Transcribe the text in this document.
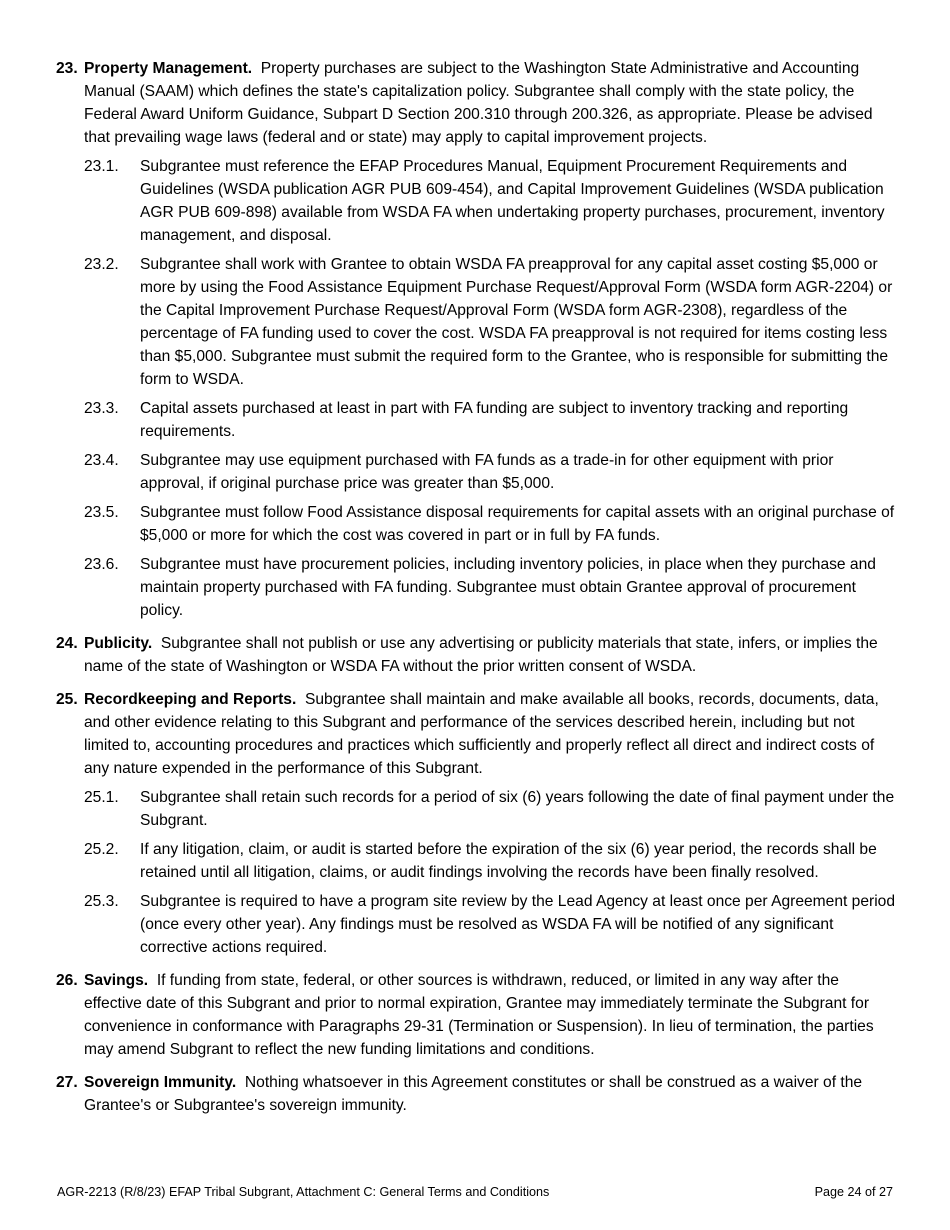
23. Property Management. Property purchases are subject to the Washington State Administrative and Accounting Manual (SAAM) which defines the state's capitalization policy. Subgrantee shall comply with the state policy, the Federal Award Uniform Guidance, Subpart D Section 200.310 through 200.326, as appropriate. Please be advised that prevailing wage laws (federal and or state) may apply to capital improvement projects.
23.1.	Subgrantee must reference the EFAP Procedures Manual, Equipment Procurement Requirements and Guidelines (WSDA publication AGR PUB 609-454), and Capital Improvement Guidelines (WSDA publication AGR PUB 609-898) available from WSDA FA when undertaking property purchases, procurement, inventory management, and disposal.
23.2.	Subgrantee shall work with Grantee to obtain WSDA FA preapproval for any capital asset costing $5,000 or more by using the Food Assistance Equipment Purchase Request/Approval Form (WSDA form AGR-2204) or the Capital Improvement Purchase Request/Approval Form (WSDA form AGR-2308), regardless of the percentage of FA funding used to cover the cost. WSDA FA preapproval is not required for items costing less than $5,000. Subgrantee must submit the required form to the Grantee, who is responsible for submitting the form to WSDA.
23.3.	Capital assets purchased at least in part with FA funding are subject to inventory tracking and reporting requirements.
23.4.	Subgrantee may use equipment purchased with FA funds as a trade-in for other equipment with prior approval, if original purchase price was greater than $5,000.
23.5.	Subgrantee must follow Food Assistance disposal requirements for capital assets with an original purchase of $5,000 or more for which the cost was covered in part or in full by FA funds.
23.6.	Subgrantee must have procurement policies, including inventory policies, in place when they purchase and maintain property purchased with FA funding. Subgrantee must obtain Grantee approval of procurement policy.
24. Publicity. Subgrantee shall not publish or use any advertising or publicity materials that state, infers, or implies the name of the state of Washington or WSDA FA without the prior written consent of WSDA.
25. Recordkeeping and Reports. Subgrantee shall maintain and make available all books, records, documents, data, and other evidence relating to this Subgrant and performance of the services described herein, including but not limited to, accounting procedures and practices which sufficiently and properly reflect all direct and indirect costs of any nature expended in the performance of this Subgrant.
25.1.	Subgrantee shall retain such records for a period of six (6) years following the date of final payment under the Subgrant.
25.2.	If any litigation, claim, or audit is started before the expiration of the six (6) year period, the records shall be retained until all litigation, claims, or audit findings involving the records have been finally resolved.
25.3.	Subgrantee is required to have a program site review by the Lead Agency at least once per Agreement period (once every other year). Any findings must be resolved as WSDA FA will be notified of any significant corrective actions required.
26. Savings. If funding from state, federal, or other sources is withdrawn, reduced, or limited in any way after the effective date of this Subgrant and prior to normal expiration, Grantee may immediately terminate the Subgrant for convenience in conformance with Paragraphs 29-31 (Termination or Suspension). In lieu of termination, the parties may amend Subgrant to reflect the new funding limitations and conditions.
27. Sovereign Immunity. Nothing whatsoever in this Agreement constitutes or shall be construed as a waiver of the Grantee's or Subgrantee's sovereign immunity.
AGR-2213 (R/8/23) EFAP Tribal Subgrant, Attachment C: General Terms and Conditions	Page 24 of 27
